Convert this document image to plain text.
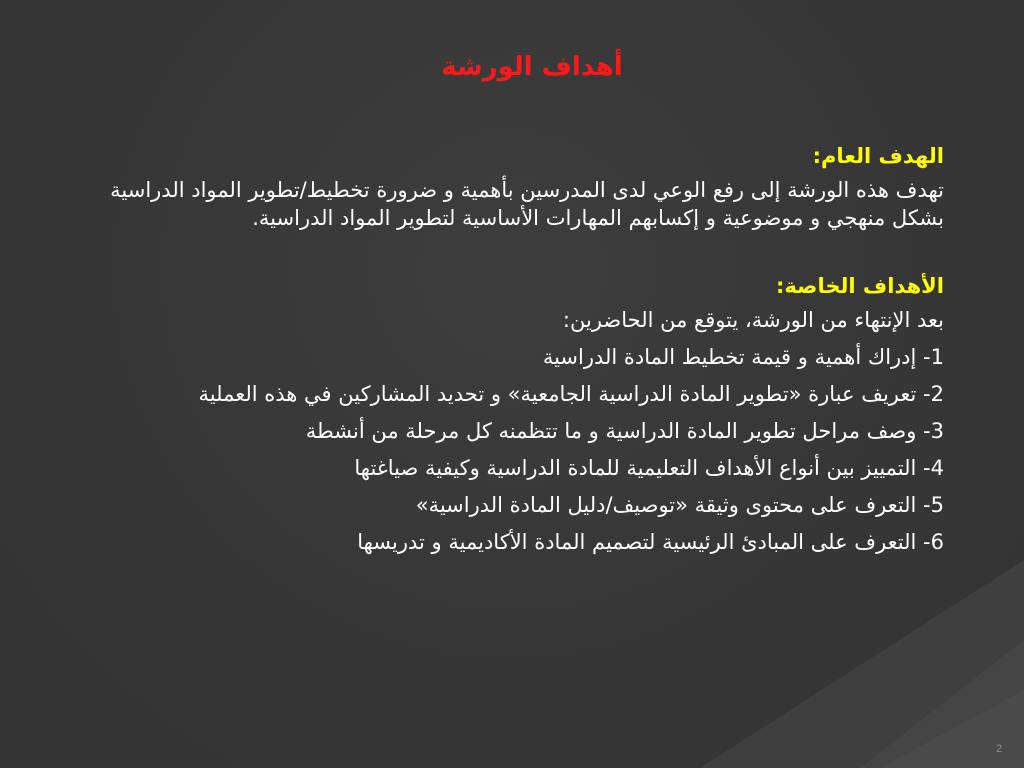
أهداف الورشة

الهدف العام:

تهدف هذه الورشة إلى رفع الوعي لدى المدرسين بأهمية و ضرورة تخطيط/تطوير المواد الدراسية بشكل منهجي و موضوعية و إكسابهم المهارات الأساسية لتطوير المواد الدراسية.

الأهداف الخاصة:

بعد الإنتهاء من الورشة، يتوقع من الحاضرين:

1- إدراك أهمية و قيمة تخطيط المادة الدراسية

2- تعريف عبارة «تطوير المادة الدراسية الجامعية» و تحديد المشاركين في هذه العملية

3- وصف مراحل تطوير المادة الدراسية و ما تتظمنه كل مرحلة من أنشطة

4- التمييز بين أنواع الأهداف التعليمية للمادة الدراسية وكيفية صياغتها

5- التعرف على محتوى وثيقة «توصيف/دليل المادة الدراسية»

6- التعرف على المبادئ الرئيسية لتصميم المادة الأكاديمية و تدريسها

2
